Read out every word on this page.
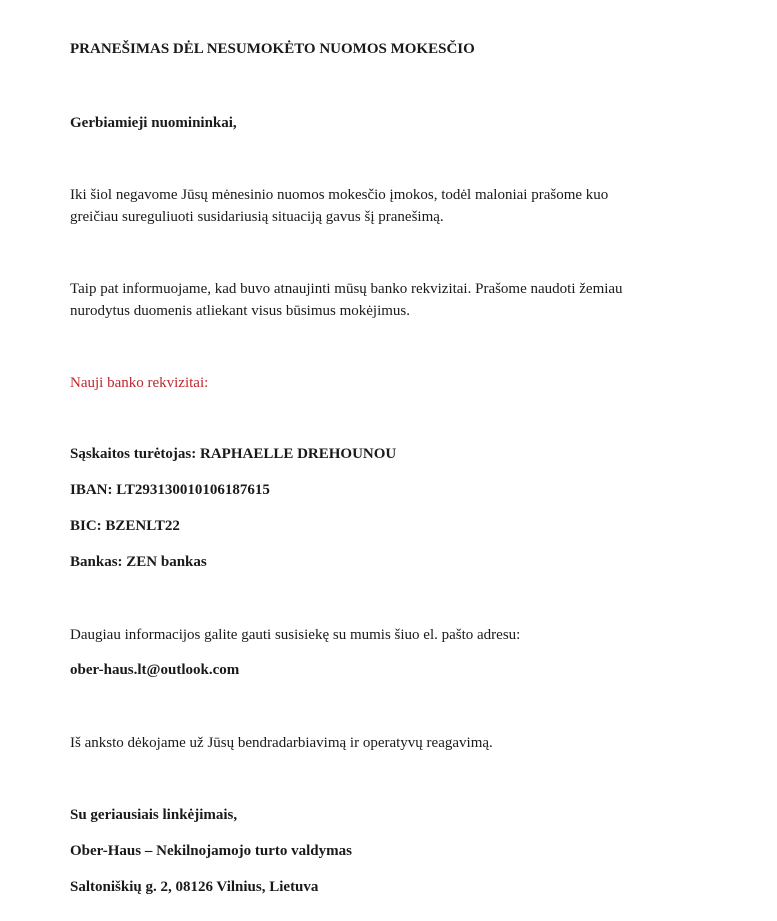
PRANEŠIMAS DĖL NESUMOKĖTO NUOMOS MOKESČIO
Gerbiamieji nuomininkai,
Iki šiol negavome Jūsų mėnesinio nuomos mokesčio įmokos, todėl maloniai prašome kuo
greičiau sureguliuoti susidariusią situaciją gavus šį pranešimą.
Taip pat informuojame, kad buvo atnaujinti mūsų banko rekvizitai. Prašome naudoti žemiau
nurodytus duomenis atliekant visus būsimus mokėjimus.
Nauji banko rekvizitai:
Sąskaitos turėtojas: RAPHAELLE DREHOUNOU
IBAN: LT293130010106187615
BIC: BZENLT22
Bankas: ZEN bankas
Daugiau informacijos galite gauti susisiekę su mumis šiuo el. pašto adresu:
ober-haus.lt@outlook.com
Iš anksto dėkojame už Jūsų bendradarbiavimą ir operatyvų reagavimą.
Su geriausiais linkėjimais,
Ober-Haus – Nekilnojamojo turto valdymas
Saltoniškių g. 2, 08126 Vilnius, Lietuva
